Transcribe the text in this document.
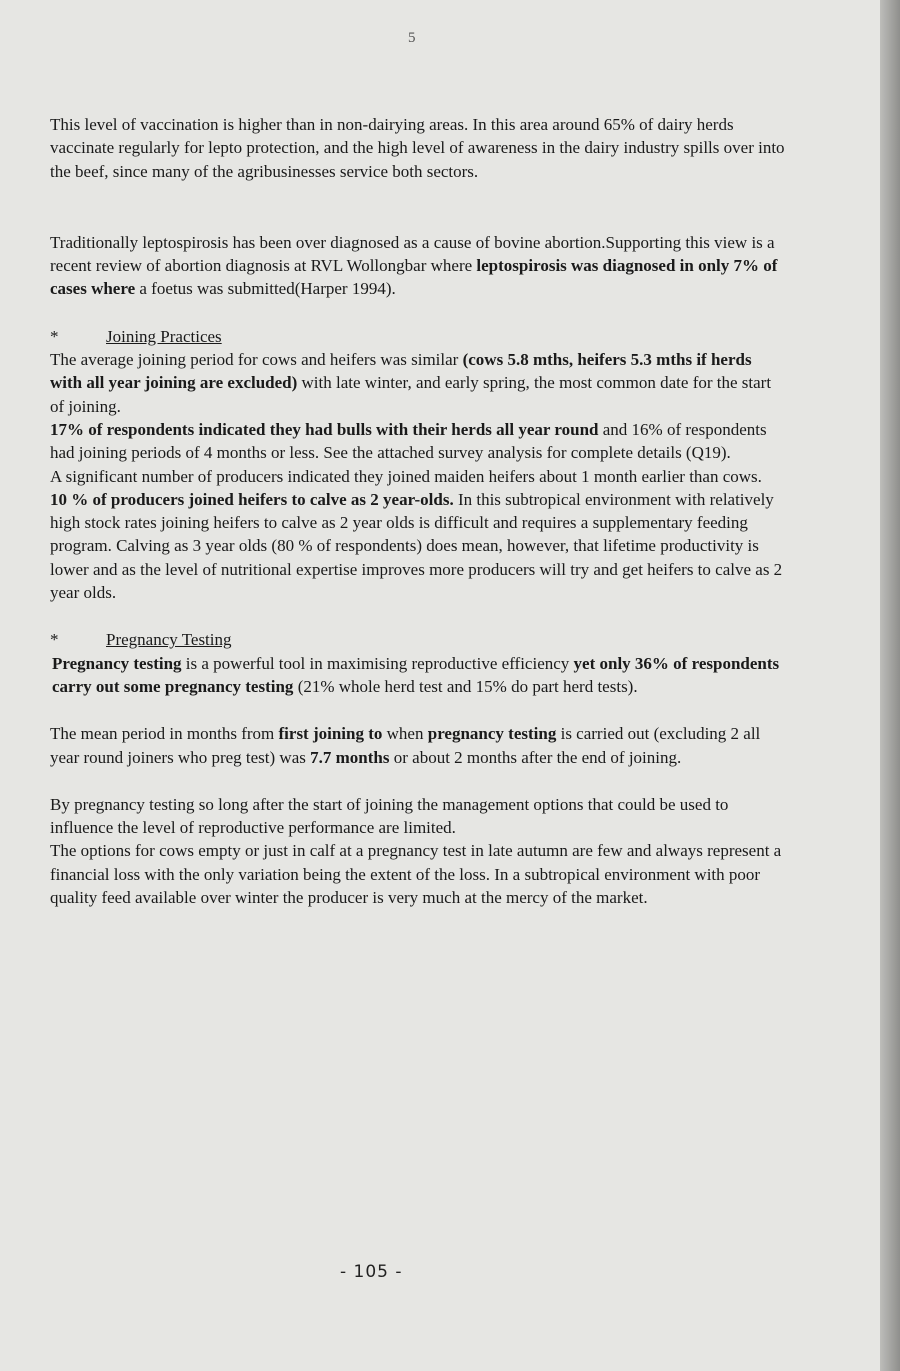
5

This level of vaccination is higher than in non-dairying areas. In this area around 65% of dairy herds vaccinate regularly for lepto protection, and the high level of awareness in the dairy industry spills over into the beef, since many of the agribusinesses service both sectors.

Traditionally leptospirosis has been over diagnosed as a cause of bovine abortion.Supporting this view is a recent review of abortion diagnosis at RVL Wollongbar where leptospirosis was diagnosed in only 7% of cases where a foetus was submitted(Harper 1994).

*	Joining Practices

The average joining period for cows and heifers was similar (cows 5.8 mths, heifers 5.3 mths if herds with all year joining are excluded) with late winter, and early spring, the most common date for the start of joining.

17% of respondents indicated they had bulls with their herds all year round and 16% of respondents had joining periods of 4 months or less. See the attached survey analysis for complete details (Q19).

A significant number of producers indicated they joined maiden heifers about 1 month earlier than cows.

10 % of producers joined heifers to calve as 2 year-olds. In this subtropical environment with relatively high stock rates joining heifers to calve as 2 year olds is difficult and requires a supplementary feeding program. Calving as 3 year olds (80 % of respondents) does mean, however, that lifetime productivity is lower and as the level of nutritional expertise improves more producers will try and get heifers to calve as 2 year olds.

*	Pregnancy Testing

Pregnancy testing is a powerful tool in maximising reproductive efficiency yet only 36% of respondents carry out some pregnancy testing (21% whole herd test and 15% do part herd tests).

The mean period in months from first joining to when pregnancy testing is carried out (excluding 2 all year round joiners who preg test) was 7.7 months or about 2 months after the end of joining.

By pregnancy testing so long after the start of joining the management options that could be used to influence the level of reproductive performance are limited.

The options for cows empty or just in calf at a pregnancy test in late autumn are few and always represent a financial loss with the only variation being the extent of the loss. In a subtropical environment with poor quality feed available over winter the producer is very much at the mercy of the market.

- 105 -
